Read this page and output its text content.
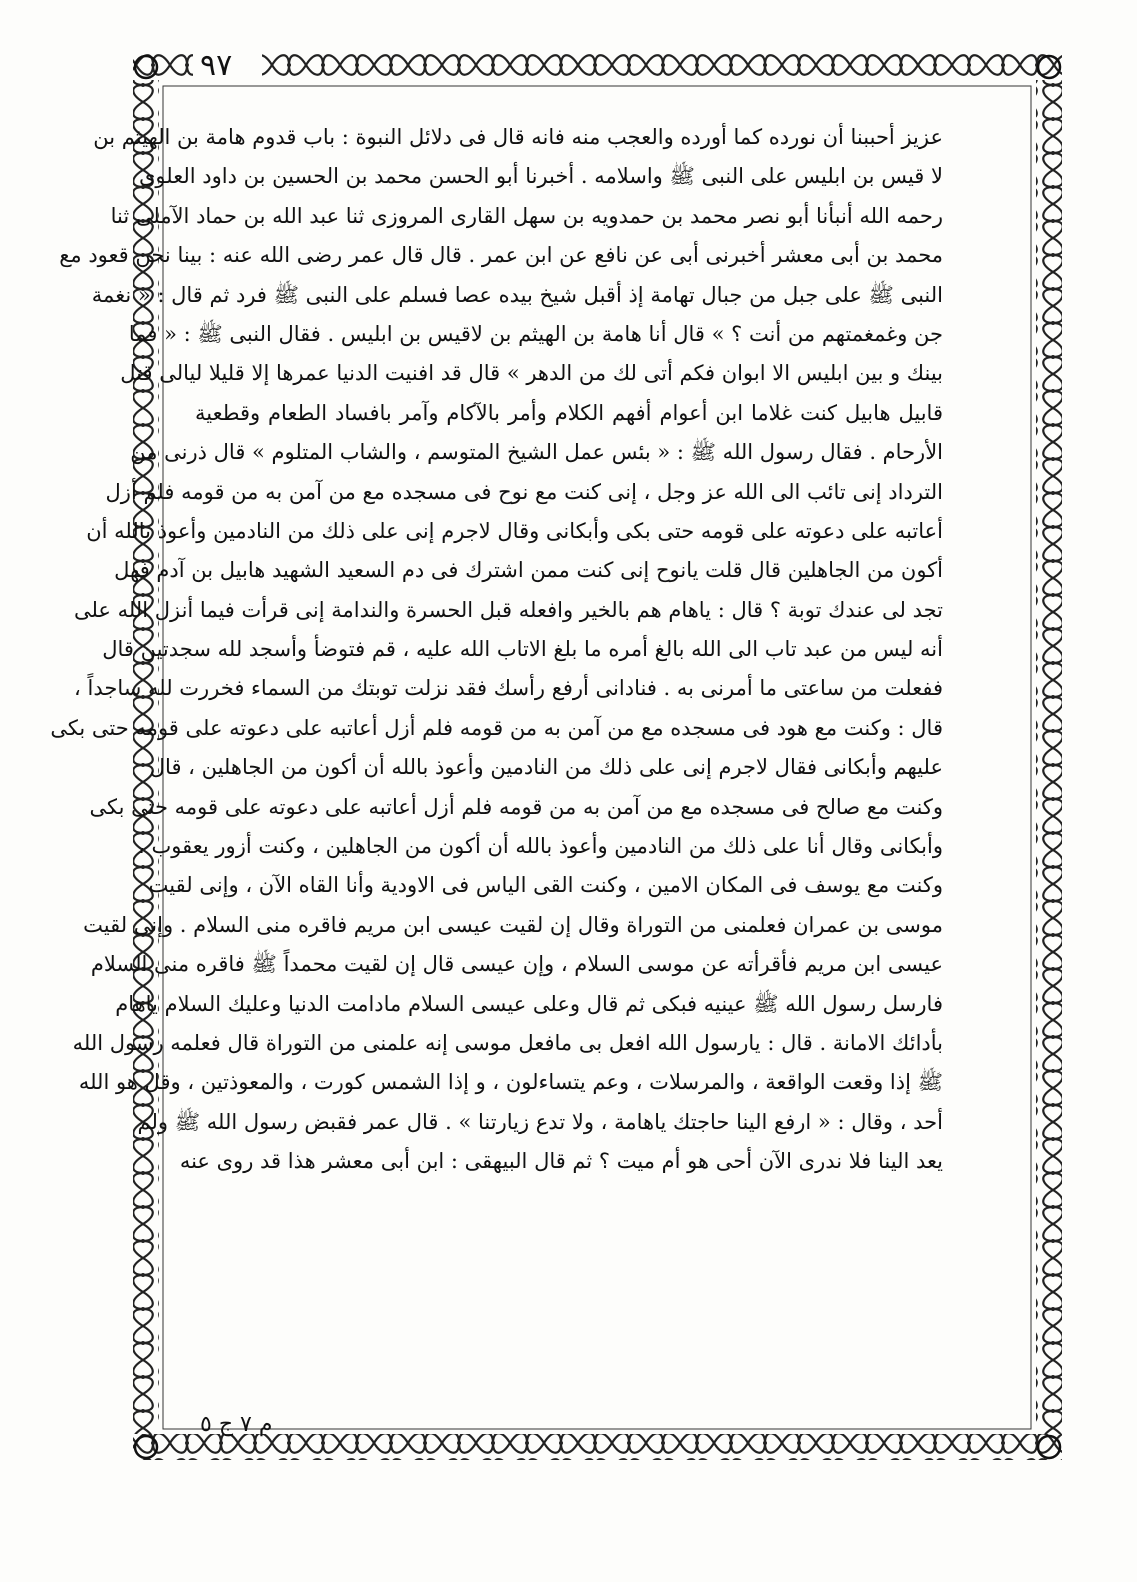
٩٧
عزيز أحببنا أن نورده كما أورده والعجب منه فانه قال فى دلائل النبوة : باب قدوم هامة بن الهيثم بن
لا قيس بن ابليس على النبى ﷺ واسلامه . أخبرنا أبو الحسن محمد بن الحسين بن داود العلوى
رحمه الله أنبأنا أبو نصر محمد بن حمدويه بن سهل القارى المروزى ثنا عبد الله بن حماد الآملى ثنا
محمد بن أبى معشر أخبرنى أبى عن نافع عن ابن عمر . قال قال عمر رضى الله عنه : بينا نحن قعود مع
النبى ﷺ على جبل من جبال تهامة إذ أقبل شيخ بيده عصا فسلم على النبى ﷺ فرد ثم قال : « نغمة
جن وغمغمتهم من أنت ؟ » قال أنا هامة بن الهيثم بن لاقيس بن ابليس . فقال النبى ﷺ : « فما
بينك و بين ابليس الا ابوان فكم أتى لك من الدهر » قال قد افنيت الدنيا عمرها إلا قليلا ليالى قتل
قابيل هابيل كنت غلاما ابن أعوام أفهم الكلام وأمر بالآكام وآمر بافساد الطعام وقطعية
الأرحام . فقال رسول الله ﷺ : « بئس عمل الشيخ المتوسم ، والشاب المتلوم » قال ذرنى من
الترداد إنى تائب الى الله عز وجل ، إنى كنت مع نوح فى مسجده مع من آمن به من قومه فلم أزل
أعاتبه على دعوته على قومه حتى بكى وأبكانى وقال لاجرم إنى على ذلك من النادمين وأعوذ بالله أن
أكون من الجاهلين قال قلت يانوح إنى كنت ممن اشترك فى دم السعيد الشهيد هابيل بن آدم فهل
تجد لى عندك توبة ؟ قال : ياهام هم بالخير وافعله قبل الحسرة والندامة إنى قرأت فيما أنزل الله على
أنه ليس من عبد تاب الى الله بالغ أمره ما بلغ الاتاب الله عليه ، قم فتوضأ وأسجد لله سجدتين قال
ففعلت من ساعتى ما أمرنى به . فنادانى أرفع رأسك فقد نزلت توبتك من السماء فخررت لله ساجداً ،
قال : وكنت مع هود فى مسجده مع من آمن به من قومه فلم أزل أعاتبه على دعوته على قومه حتى بكى
عليهم وأبكانى فقال لاجرم إنى على ذلك من النادمين وأعوذ بالله أن أكون من الجاهلين ، قال
وكنت مع صالح فى مسجده مع من آمن به من قومه فلم أزل أعاتبه على دعوته على قومه حتى بكى
وأبكانى وقال أنا على ذلك من النادمين وأعوذ بالله أن أكون من الجاهلين ، وكنت أزور يعقوب ،
وكنت مع يوسف فى المكان الامين ، وكنت القى الياس فى الاودية وأنا القاه الآن ، وإنى لقيت
موسى بن عمران فعلمنى من التوراة وقال إن لقيت عيسى ابن مريم فاقره منى السلام . وإنى لقيت
عيسى ابن مريم فأقرأته عن موسى السلام ، وإن عيسى قال إن لقيت محمداً ﷺ فاقره منى السلام
فارسل رسول الله ﷺ عينيه فبكى ثم قال وعلى عيسى السلام مادامت الدنيا وعليك السلام ياهام
بأدائك الامانة . قال : يارسول الله افعل بى مافعل موسى إنه علمنى من التوراة قال فعلمه رسول الله
ﷺ إذا وقعت الواقعة ، والمرسلات ، وعم يتساءلون ، و إذا الشمس كورت ، والمعوذتين ، وقل هو الله
أحد ، وقال : « ارفع الينا حاجتك ياهامة ، ولا تدع زيارتنا » . قال عمر فقبض رسول الله ﷺ ولم
يعد الينا فلا ندرى الآن أحى هو أم ميت ؟ ثم قال البيهقى : ابن أبى معشر هذا قد روى عنه
م ٧ ج ٥
